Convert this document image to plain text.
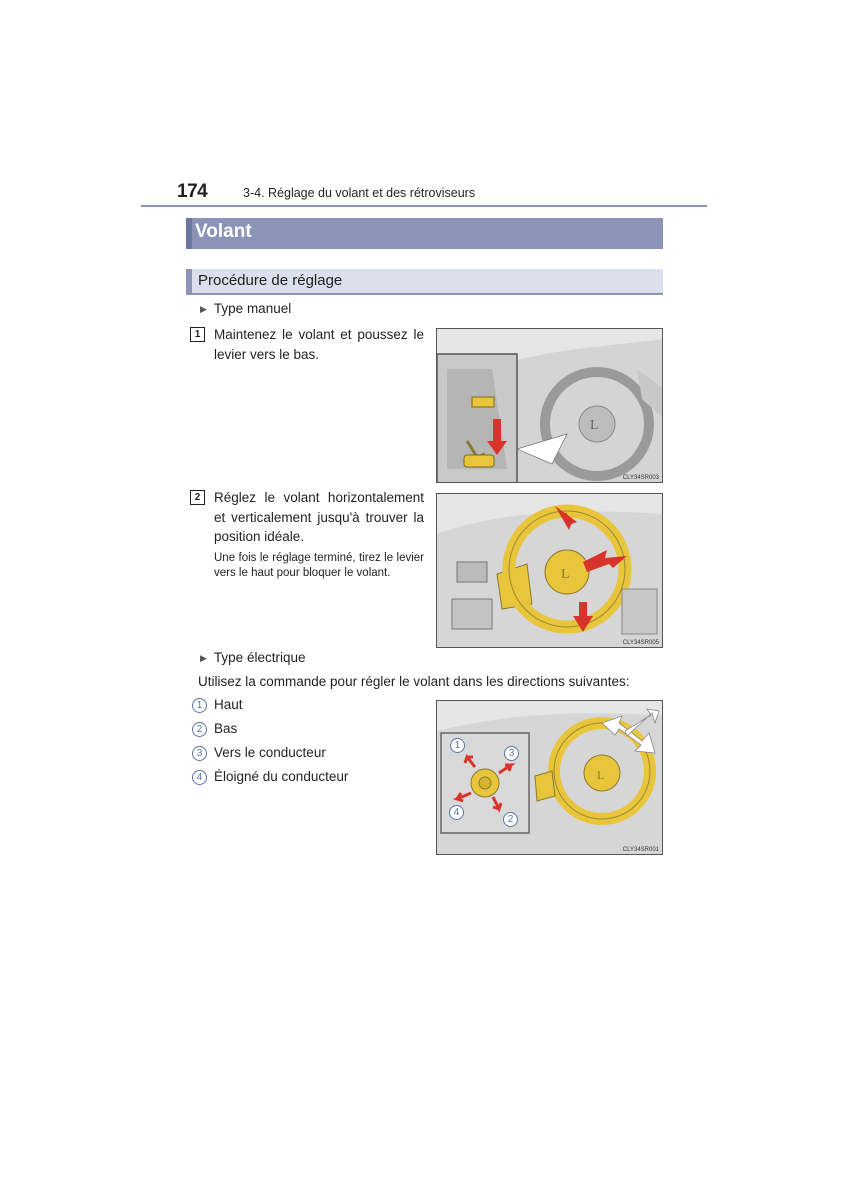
174	3-4. Réglage du volant et des rétroviseurs
Volant
Procédure de réglage
▶ Type manuel
1	Maintenez le volant et poussez le levier vers le bas.
L
CLY34SR003
2	Réglez le volant horizontalement et verticalement jusqu'à trouver la position idéale.
Une fois le réglage terminé, tirez le levier vers le haut pour bloquer le volant.	L
CLY34SR005
▶ Type électrique
Utilisez la commande pour régler le volant dans les directions suivantes:
1 Haut
2 Bas
3 Vers le conducteur
4 Éloigné du conducteur	L
1
3
4
2
CLY34SR001
